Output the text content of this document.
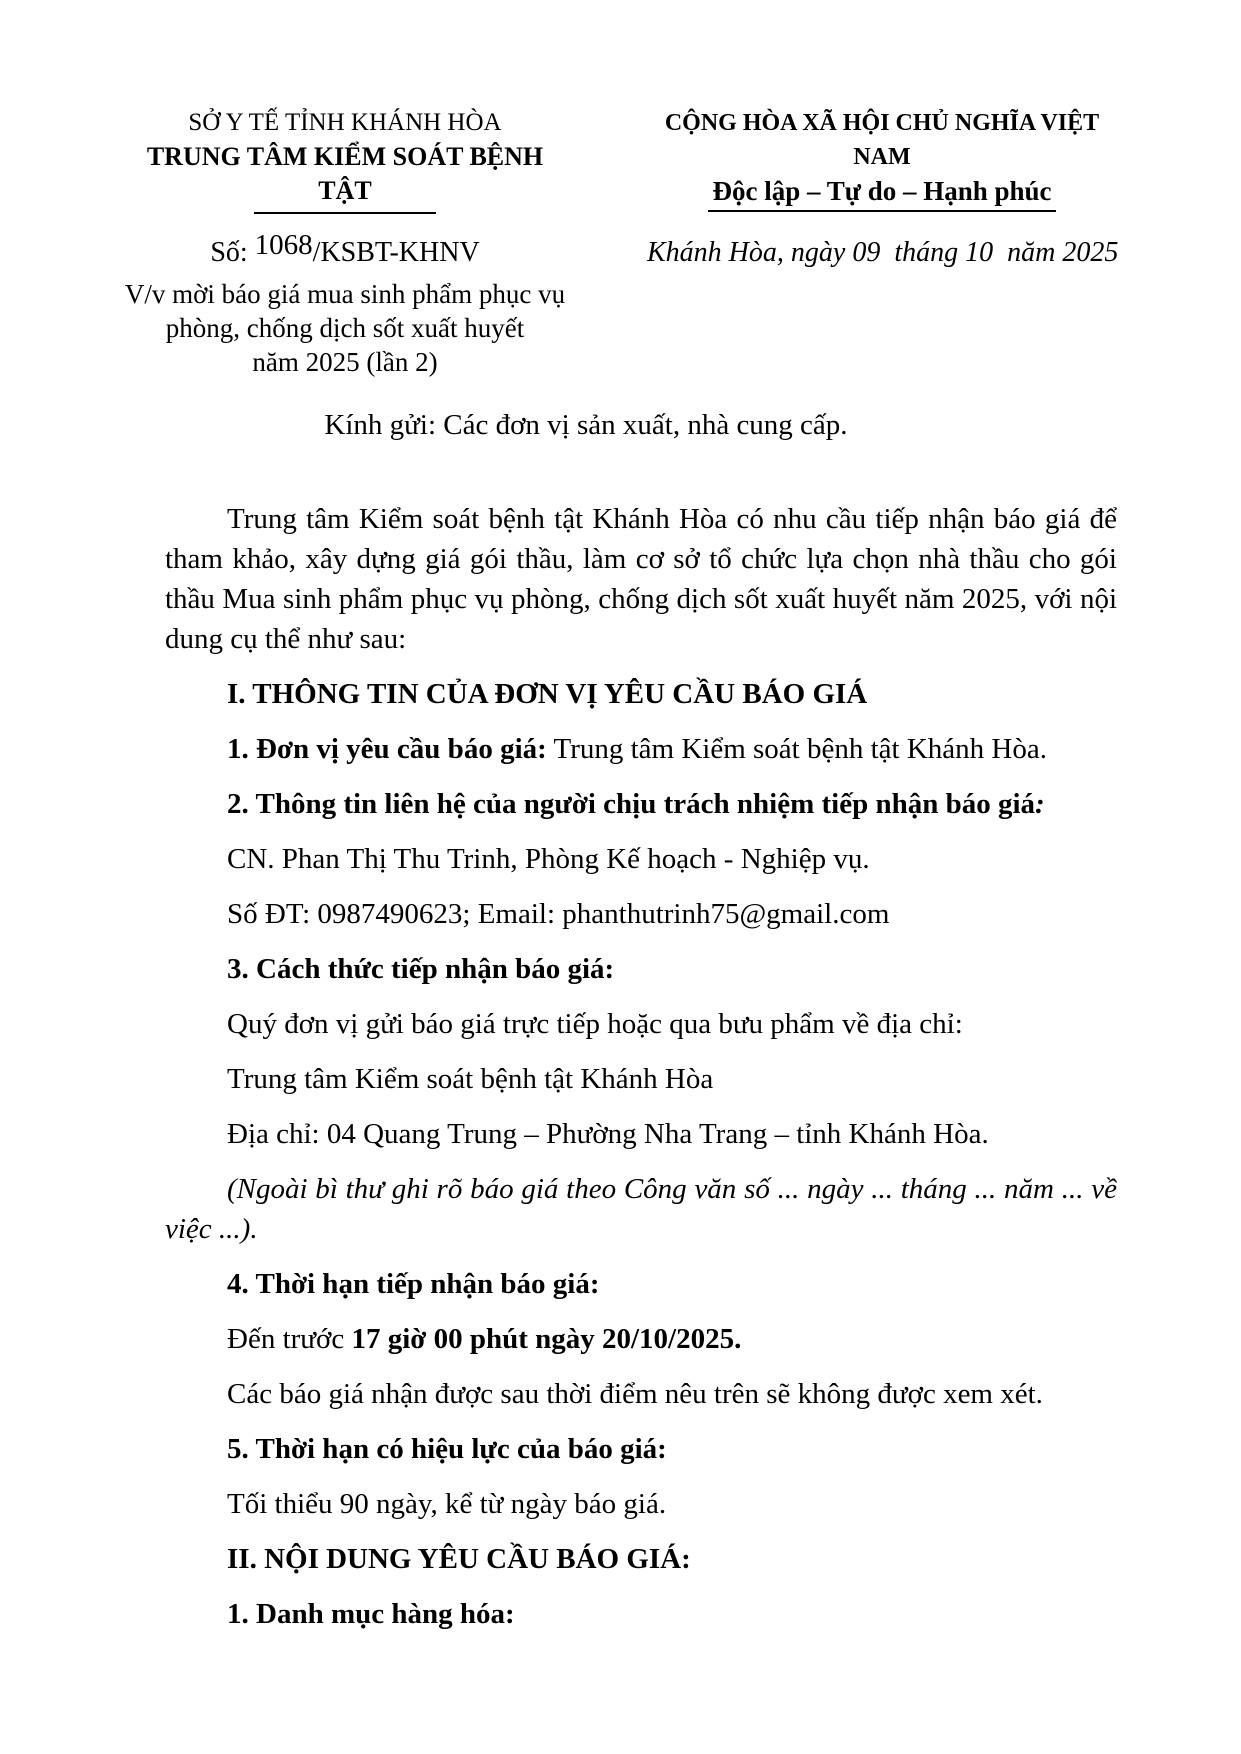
SỞ Y TẾ TỈNH KHÁNH HÒA
TRUNG TÂM KIỂM SOÁT BỆNH TẬT
CỘNG HÒA XÃ HỘI CHỦ NGHĨA VIỆT NAM
Độc lập – Tự do – Hạnh phúc
Số: 1068/KSBT-KHNV	Khánh Hòa, ngày 09  tháng 10  năm 2025
V/v mời báo giá mua sinh phẩm phục vụ
phòng, chống dịch sốt xuất huyết
năm 2025 (lần 2)
Kính gửi: Các đơn vị sản xuất, nhà cung cấp.

Trung tâm Kiểm soát bệnh tật Khánh Hòa có nhu cầu tiếp nhận báo giá để tham khảo, xây dựng giá gói thầu, làm cơ sở tổ chức lựa chọn nhà thầu cho gói thầu Mua sinh phẩm phục vụ phòng, chống dịch sốt xuất huyết năm 2025, với nội dung cụ thể như sau:

I. THÔNG TIN CỦA ĐƠN VỊ YÊU CẦU BÁO GIÁ

1. Đơn vị yêu cầu báo giá: Trung tâm Kiểm soát bệnh tật Khánh Hòa.

2. Thông tin liên hệ của người chịu trách nhiệm tiếp nhận báo giá:

CN. Phan Thị Thu Trinh, Phòng Kế hoạch - Nghiệp vụ.

Số ĐT: 0987490623; Email: phanthutrinh75@gmail.com

3. Cách thức tiếp nhận báo giá:

Quý đơn vị gửi báo giá trực tiếp hoặc qua bưu phẩm về địa chỉ:

Trung tâm Kiểm soát bệnh tật Khánh Hòa

Địa chỉ: 04 Quang Trung – Phường Nha Trang – tỉnh Khánh Hòa.

(Ngoài bì thư ghi rõ báo giá theo Công văn số ... ngày ... tháng ... năm ... về việc ...).

4. Thời hạn tiếp nhận báo giá:

Đến trước 17 giờ 00 phút ngày 20/10/2025.

Các báo giá nhận được sau thời điểm nêu trên sẽ không được xem xét.

5. Thời hạn có hiệu lực của báo giá:

Tối thiểu 90 ngày, kể từ ngày báo giá.

II. NỘI DUNG YÊU CẦU BÁO GIÁ:

1. Danh mục hàng hóa:
